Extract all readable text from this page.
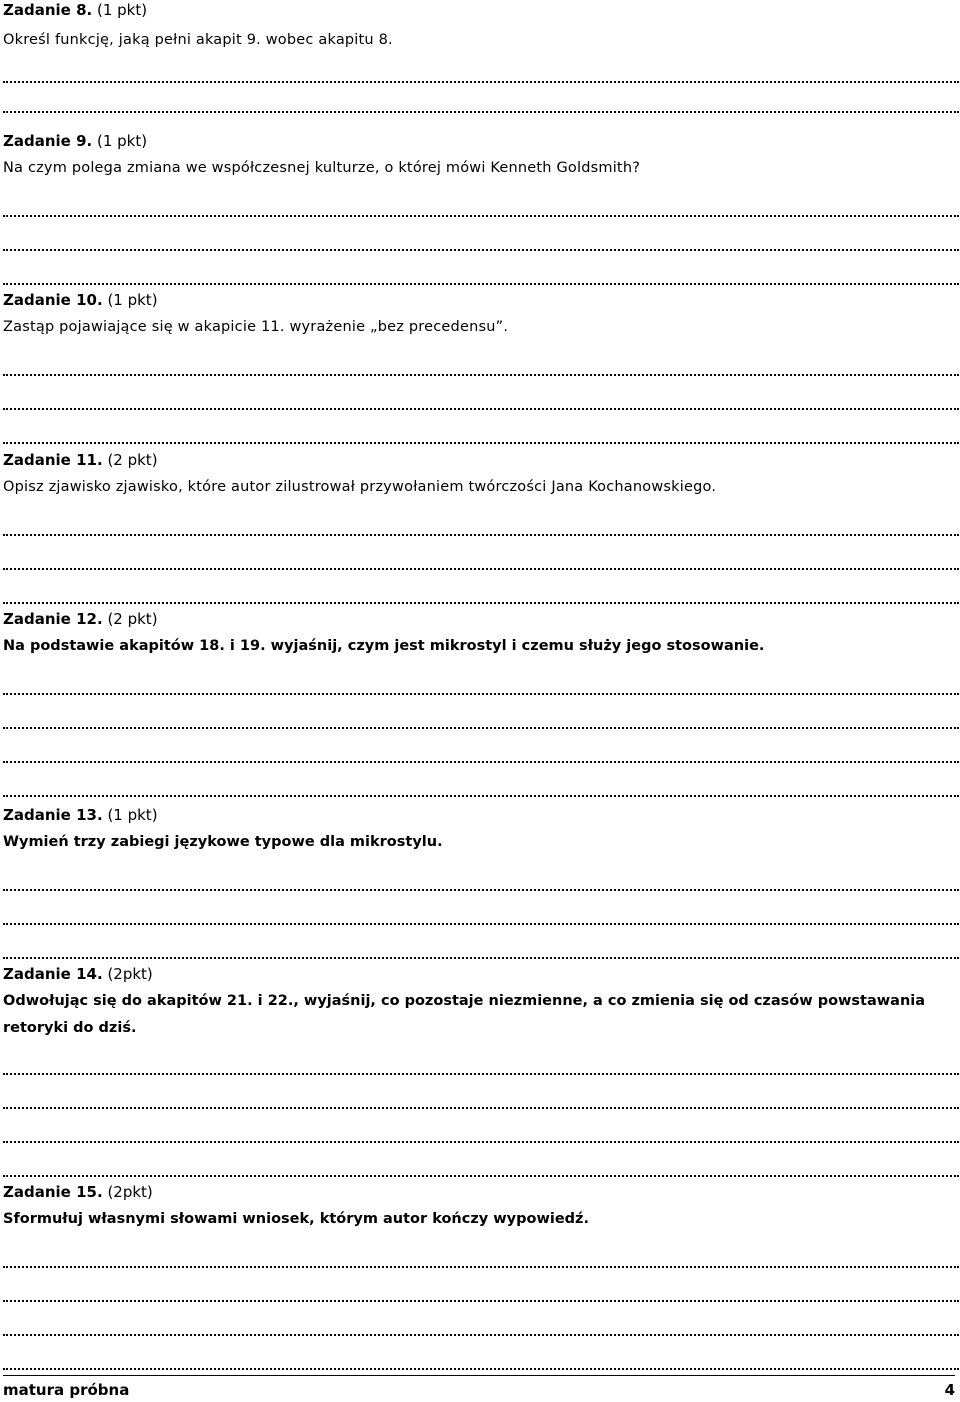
Zadanie 8. (1 pkt)
Określ funkcję, jaką pełni akapit 9. wobec akapitu 8.
Zadanie 9. (1 pkt)
Na czym polega zmiana we współczesnej kulturze, o której mówi Kenneth Goldsmith?
Zadanie 10. (1 pkt)
Zastąp pojawiające się w akapicie 11. wyrażenie „bez precedensu”.
Zadanie 11. (2 pkt)
Opisz zjawisko zjawisko, które autor zilustrował przywołaniem twórczości Jana Kochanowskiego.
Zadanie 12. (2 pkt)
Na podstawie akapitów 18. i 19. wyjaśnij, czym jest mikrostyl i czemu służy jego stosowanie.
Zadanie 13. (1 pkt)
Wymień trzy zabiegi językowe typowe dla mikrostylu.
Zadanie 14. (2pkt)
Odwołując się do akapitów 21. i 22., wyjaśnij, co pozostaje niezmienne, a co zmienia się od czasów powstawania retoryki do dziś.
Zadanie 15. (2pkt)
Sformułuj własnymi słowami wniosek, którym autor kończy wypowiedź.
matura próbna	4
